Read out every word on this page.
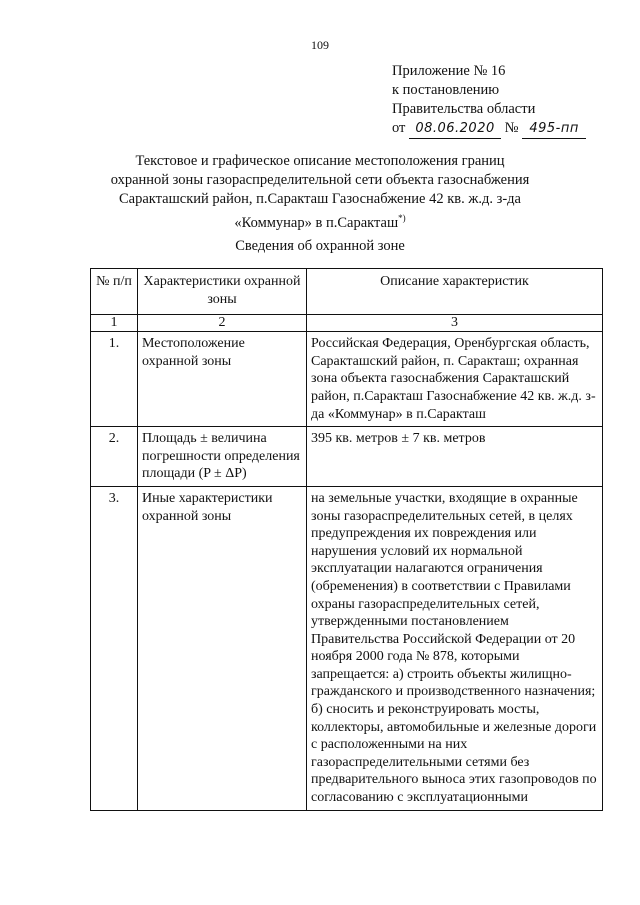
109
Приложение № 16
к постановлению
Правительства области
от 08.06.2020 № 495-пп
Текстовое и графическое описание местоположения границ
охранной зоны газораспределительной сети объекта газоснабжения
Саракташский район, п.Саракташ Газоснабжение 42 кв. ж.д. з-да
«Коммунар» в п.Саракташ*)
Сведения об охранной зоне
№ п/п	Характеристики охранной зоны	Описание характеристик
1	2	3
1.	Местоположение охранной зоны	Российская Федерация, Оренбургская область, Саракташский район, п. Саракташ; охранная зона объекта газоснабжения Саракташский район, п.Саракташ Газоснабжение 42 кв. ж.д. з-да «Коммунар» в п.Саракташ
2.	Площадь ± величина погрешности определения площади (P ± ΔP)	395 кв. метров ± 7 кв. метров
3.	Иные характеристики охранной зоны	на земельные участки, входящие в охранные зоны газораспределительных сетей, в целях предупреждения их повреждения или нарушения условий их нормальной эксплуатации налагаются ограничения (обременения) в соответствии с Правилами охраны газораспределительных сетей, утвержденными постановлением Правительства Российской Федерации от 20 ноября 2000 года № 878, которыми запрещается: а) строить объекты жилищно-гражданского и производственного назначения; б) сносить и реконструировать мосты, коллекторы, автомобильные и железные дороги с расположенными на них газораспределительными сетями без предварительного выноса этих газопроводов по согласованию с эксплуатационными
